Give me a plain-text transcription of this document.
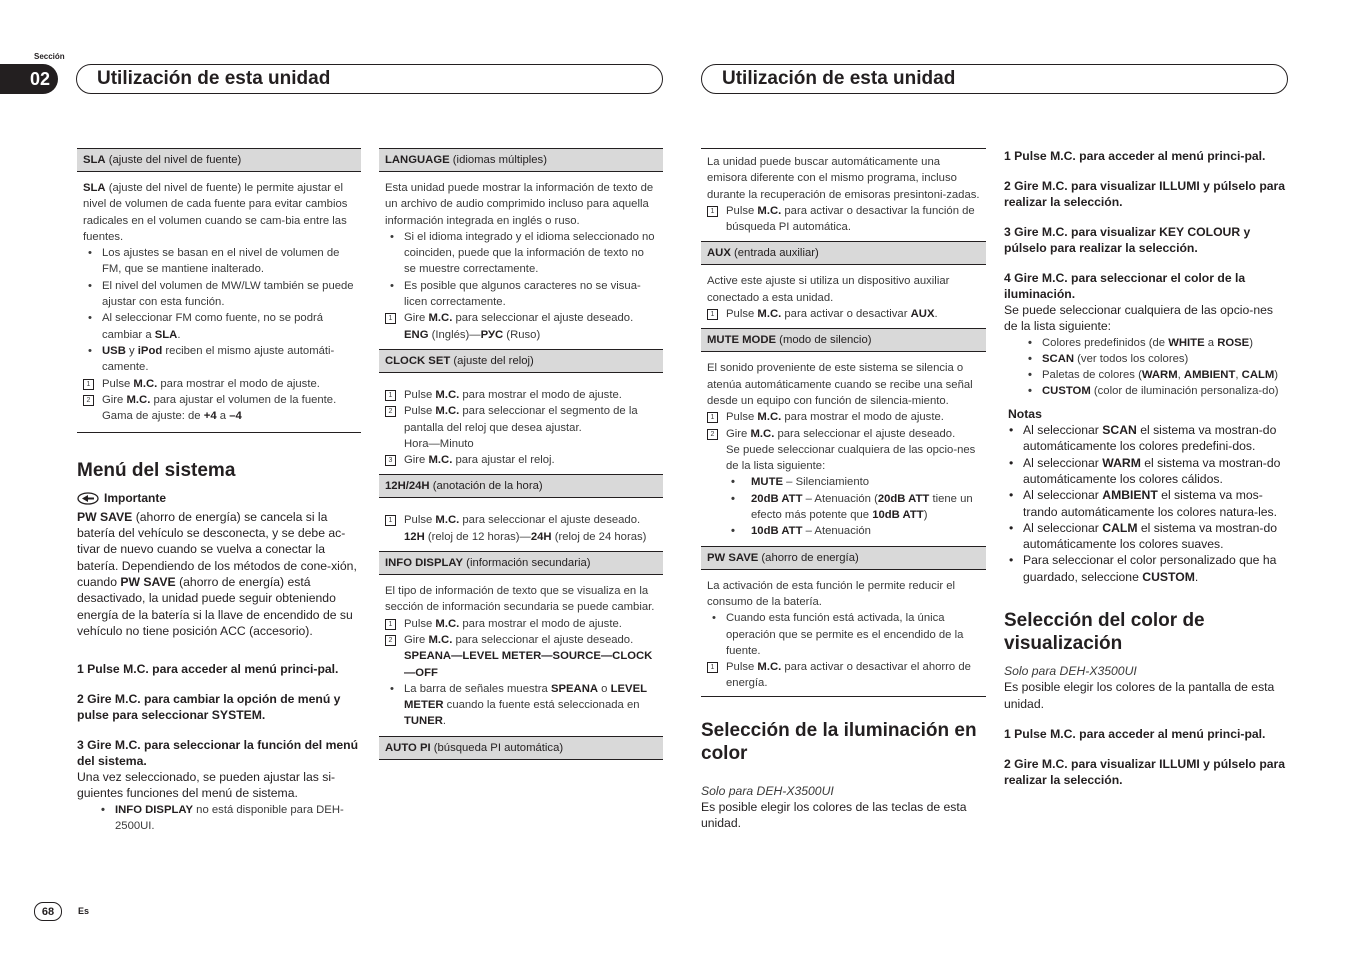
Sección
02	Utilización de esta unidad	Utilización de esta unidad
SLA (ajuste del nivel de fuente)

SLA (ajuste del nivel de fuente) le permite ajustar el nivel de volumen de cada fuente para evitar cambios radicales en el volumen cuando se cam-bia entre las fuentes.

• Los ajustes se basan en el nivel de volumen de FM, que se mantiene inalterado.

• El nivel del volumen de MW/LW también se puede ajustar con esta función.

• Al seleccionar FM como fuente, no se podrá cambiar a SLA.

• USB y iPod reciben el mismo ajuste automáti-camente.

1	Pulse M.C. para mostrar el modo de ajuste.

2	Gire M.C. para ajustar el volumen de la fuente.
Gama de ajuste: de +4 a –4

Menú del sistema
Importante

PW SAVE (ahorro de energía) se cancela si la batería del vehículo se desconecta, y se debe ac-tivar de nuevo cuando se vuelva a conectar la batería. Dependiendo de los métodos de cone-xión, cuando PW SAVE (ahorro de energía) está desactivado, la unidad puede seguir obteniendo energía de la batería si la llave de encendido de su vehículo no tiene posición ACC (accesorio).

1 Pulse M.C. para acceder al menú princi-pal.

2 Gire M.C. para cambiar la opción de menú y pulse para seleccionar SYSTEM.

3 Gire M.C. para seleccionar la función del menú del sistema.

Una vez seleccionado, se pueden ajustar las si-guientes funciones del menú de sistema.

• INFO DISPLAY no está disponible para DEH-2500UI.

LANGUAGE (idiomas múltiples)

Esta unidad puede mostrar la información de texto de un archivo de audio comprimido incluso para aquella información integrada en inglés o ruso.

• Si el idioma integrado y el idioma seleccionado no coinciden, puede que la información de texto no se muestre correctamente.

• Es posible que algunos caracteres no se visua-licen correctamente.

1	Gire M.C. para seleccionar el ajuste deseado.
ENG (Inglés)—РУС (Ruso)

CLOCK SET (ajuste del reloj)

1	Pulse M.C. para mostrar el modo de ajuste.

2	Pulse M.C. para seleccionar el segmento de la pantalla del reloj que desea ajustar.
Hora—Minuto

3	Gire M.C. para ajustar el reloj.

12H/24H (anotación de la hora)

1	Pulse M.C. para seleccionar el ajuste deseado.
12H (reloj de 12 horas)—24H (reloj de 24 horas)

INFO DISPLAY (información secundaria)

El tipo de información de texto que se visualiza en la sección de información secundaria se puede cambiar.

1	Pulse M.C. para mostrar el modo de ajuste.

2	Gire M.C. para seleccionar el ajuste deseado.
SPEANA—LEVEL METER—SOURCE—CLOCK—OFF

• La barra de señales muestra SPEANA o LEVEL METER cuando la fuente está seleccionada en TUNER.

AUTO PI (búsqueda PI automática)

La unidad puede buscar automáticamente una emisora diferente con el mismo programa, incluso durante la recuperación de emisoras presintoni-zadas.

1	Pulse M.C. para activar o desactivar la función de búsqueda PI automática.

AUX (entrada auxiliar)

Active este ajuste si utiliza un dispositivo auxiliar conectado a esta unidad.

1	Pulse M.C. para activar o desactivar AUX.

MUTE MODE (modo de silencio)

El sonido proveniente de este sistema se silencia o atenúa automáticamente cuando se recibe una señal desde un equipo con función de silencia-miento.

1	Pulse M.C. para mostrar el modo de ajuste.

2	Gire M.C. para seleccionar el ajuste deseado.
Se puede seleccionar cualquiera de las opcio-nes de la lista siguiente:

• MUTE – Silenciamiento

• 20dB ATT – Atenuación (20dB ATT tiene un efecto más potente que 10dB ATT)

• 10dB ATT – Atenuación

PW SAVE (ahorro de energía)

La activación de esta función le permite reducir el consumo de la batería.

• Cuando esta función está activada, la única operación que se permite es el encendido de la fuente.

1	Pulse M.C. para activar o desactivar el ahorro de energía.

Selección de la iluminación en color

Solo para DEH-X3500UI

Es posible elegir los colores de las teclas de esta unidad.

1 Pulse M.C. para acceder al menú princi-pal.

2 Gire M.C. para visualizar ILLUMI y púlselo para realizar la selección.

3 Gire M.C. para visualizar KEY COLOUR y púlselo para realizar la selección.

4 Gire M.C. para seleccionar el color de la iluminación.

Se puede seleccionar cualquiera de las opcio-nes de la lista siguiente:

• Colores predefinidos (de WHITE a ROSE)

• SCAN (ver todos los colores)

• Paletas de colores (WARM, AMBIENT, CALM)

• CUSTOM (color de iluminación personaliza-do)

Notas

• Al seleccionar SCAN el sistema va mostran-do automáticamente los colores predefini-dos.

• Al seleccionar WARM el sistema va mostran-do automáticamente los colores cálidos.

• Al seleccionar AMBIENT el sistema va mos-trando automáticamente los colores natura-les.

• Al seleccionar CALM el sistema va mostran-do automáticamente los colores suaves.

• Para seleccionar el color personalizado que ha guardado, seleccione CUSTOM.

Selección del color de visualización

Solo para DEH-X3500UI

Es posible elegir los colores de la pantalla de esta unidad.

1 Pulse M.C. para acceder al menú princi-pal.

2 Gire M.C. para visualizar ILLUMI y púlselo para realizar la selección.

68	Es
